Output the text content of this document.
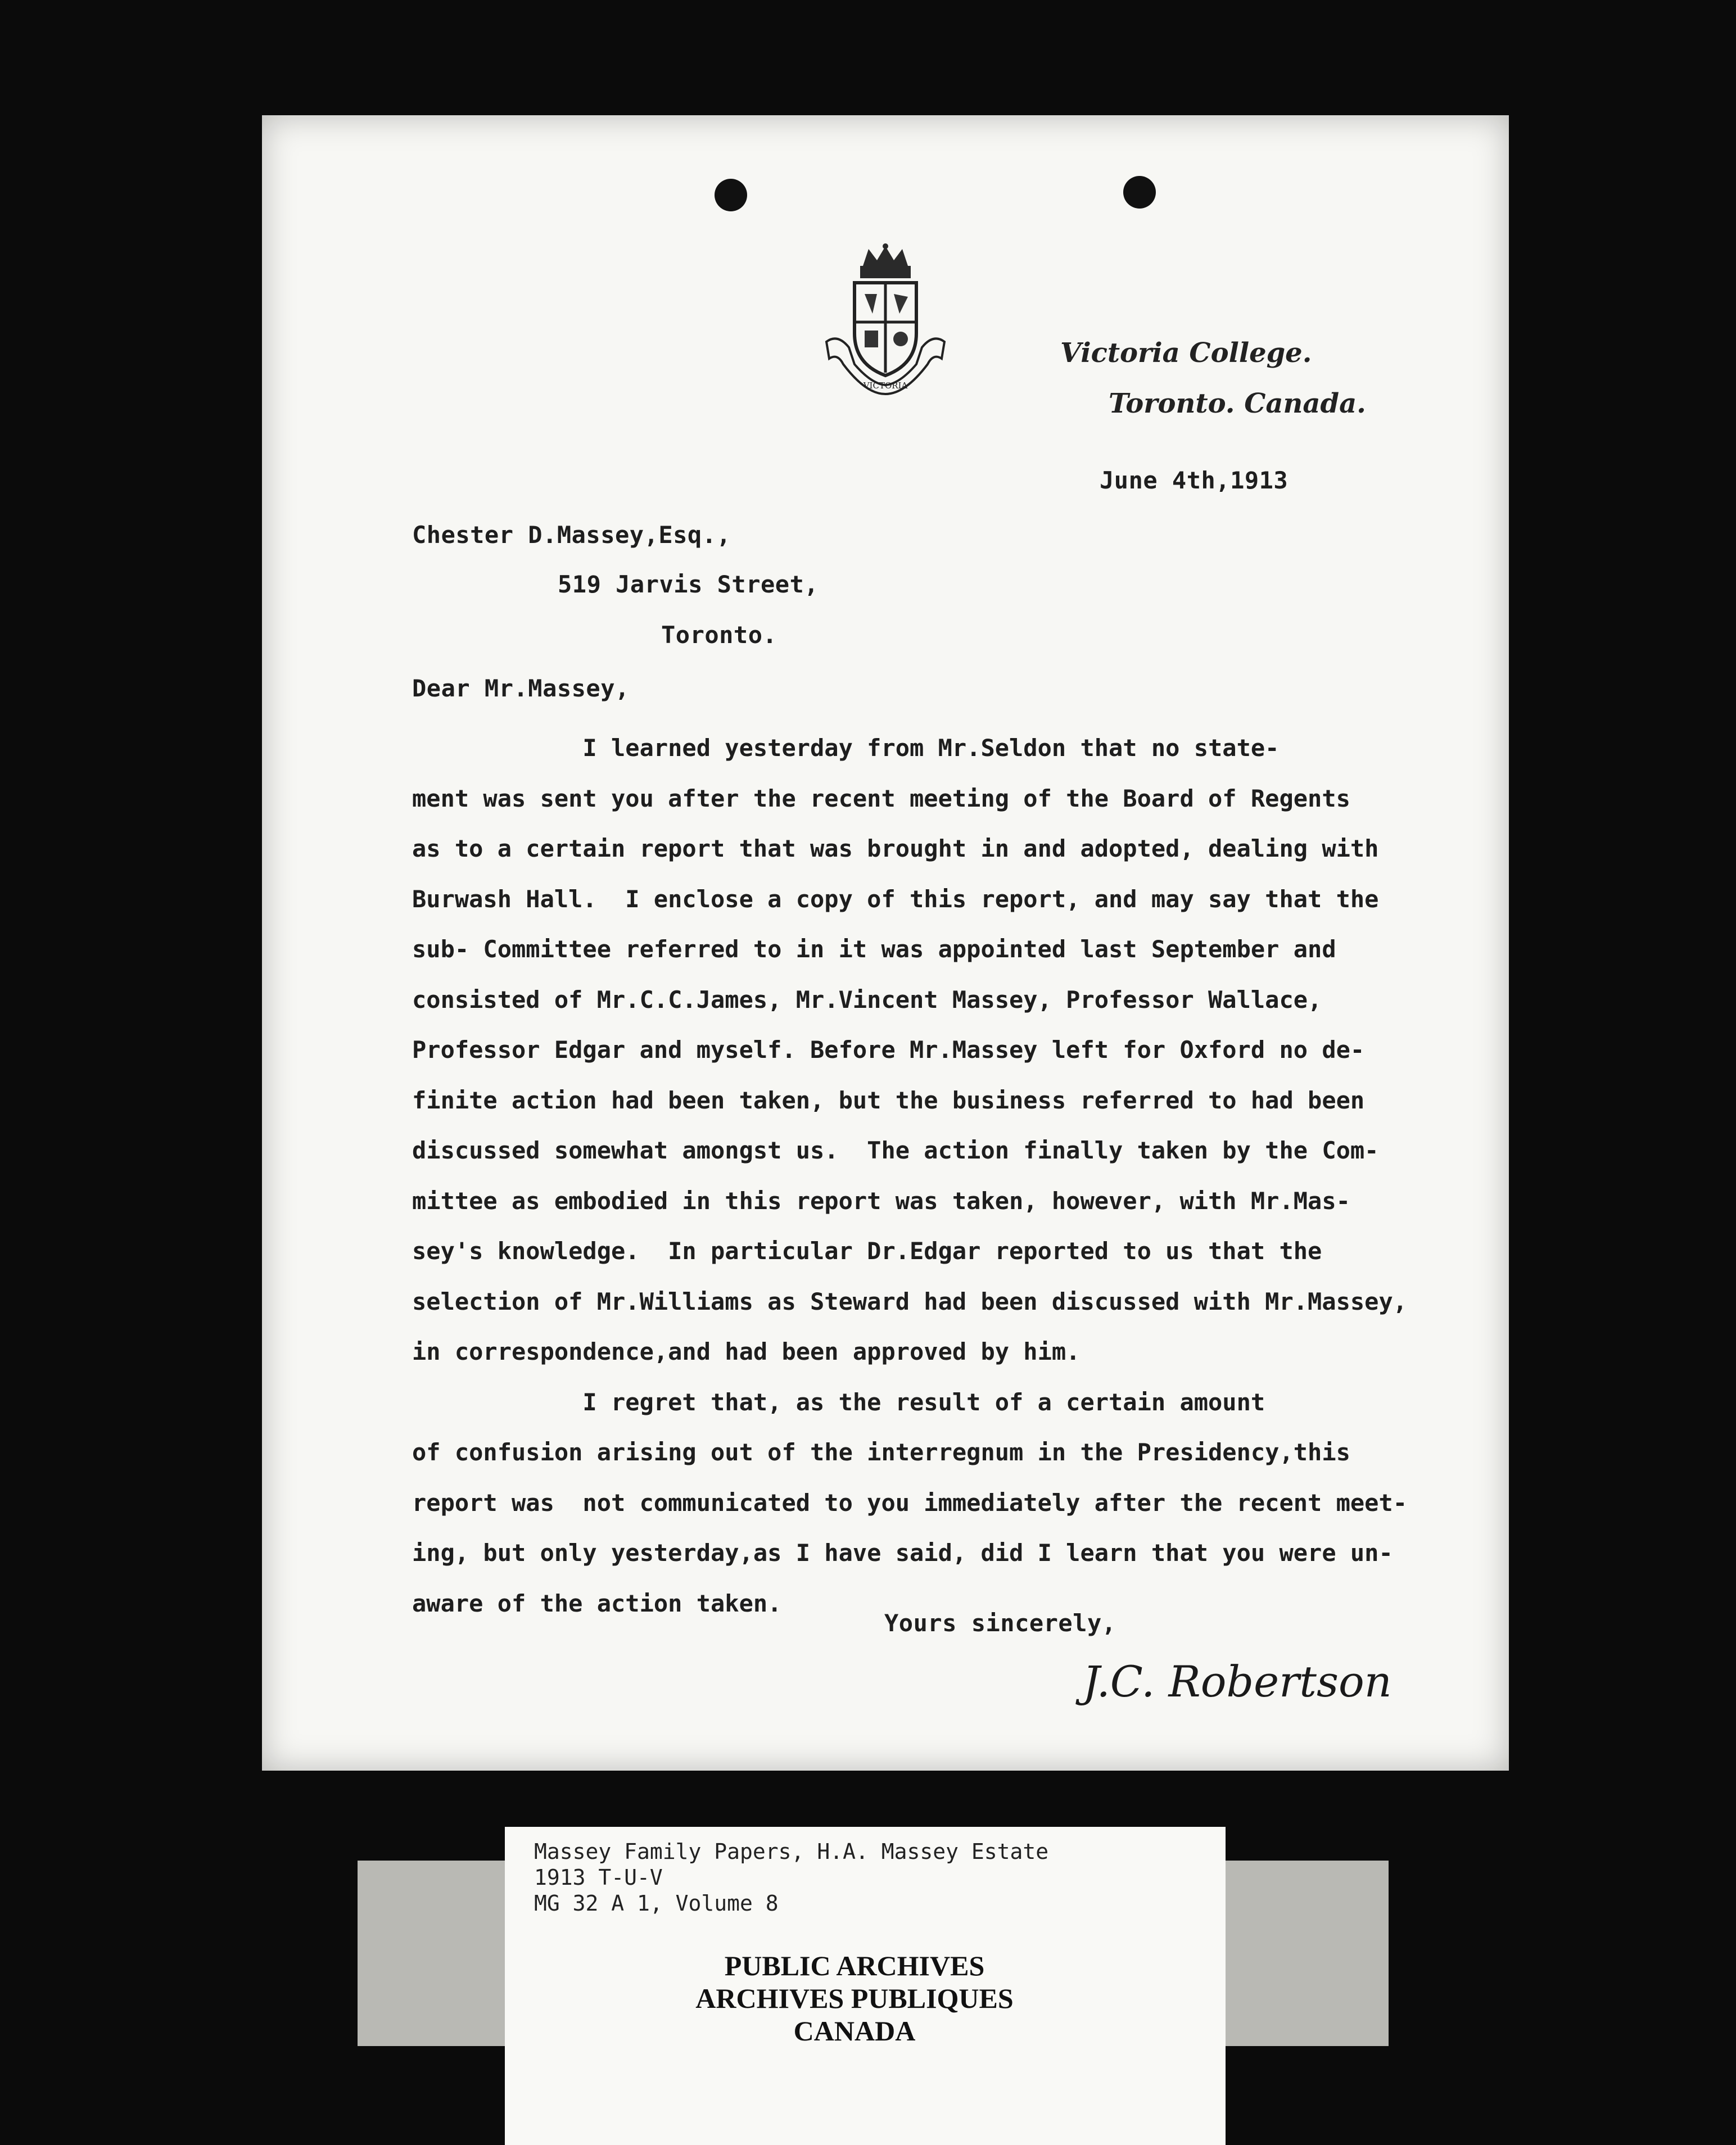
VICTORIA
Victoria College.
Toronto. Canada.
June 4th,1913
Chester D.Massey,Esq.,
519 Jarvis Street,
Toronto.
Dear Mr.Massey,
I learned yesterday from Mr.Seldon that no state-
ment was sent you after the recent meeting of the Board of Regents
as to a certain report that was brought in and adopted, dealing with
Burwash Hall.  I enclose a copy of this report, and may say that the
sub- Committee referred to in it was appointed last September and
consisted of Mr.C.C.James, Mr.Vincent Massey, Professor Wallace,
Professor Edgar and myself. Before Mr.Massey left for Oxford no de-
finite action had been taken, but the business referred to had been
discussed somewhat amongst us.  The action finally taken by the Com-
mittee as embodied in this report was taken, however, with Mr.Mas-
sey's knowledge.  In particular Dr.Edgar reported to us that the
selection of Mr.Williams as Steward had been discussed with Mr.Massey,
in correspondence,and had been approved by him.
I regret that, as the result of a certain amount
of confusion arising out of the interregnum in the Presidency,this
report was  not communicated to you immediately after the recent meet-
ing, but only yesterday,as I have said, did I learn that you were un-
aware of the action taken.
Yours sincerely,
J.C. Robertson
Massey Family Papers, H.A. Massey Estate
1913 T-U-V
MG 32 A 1, Volume 8
PUBLIC ARCHIVES
ARCHIVES PUBLIQUES
CANADA
